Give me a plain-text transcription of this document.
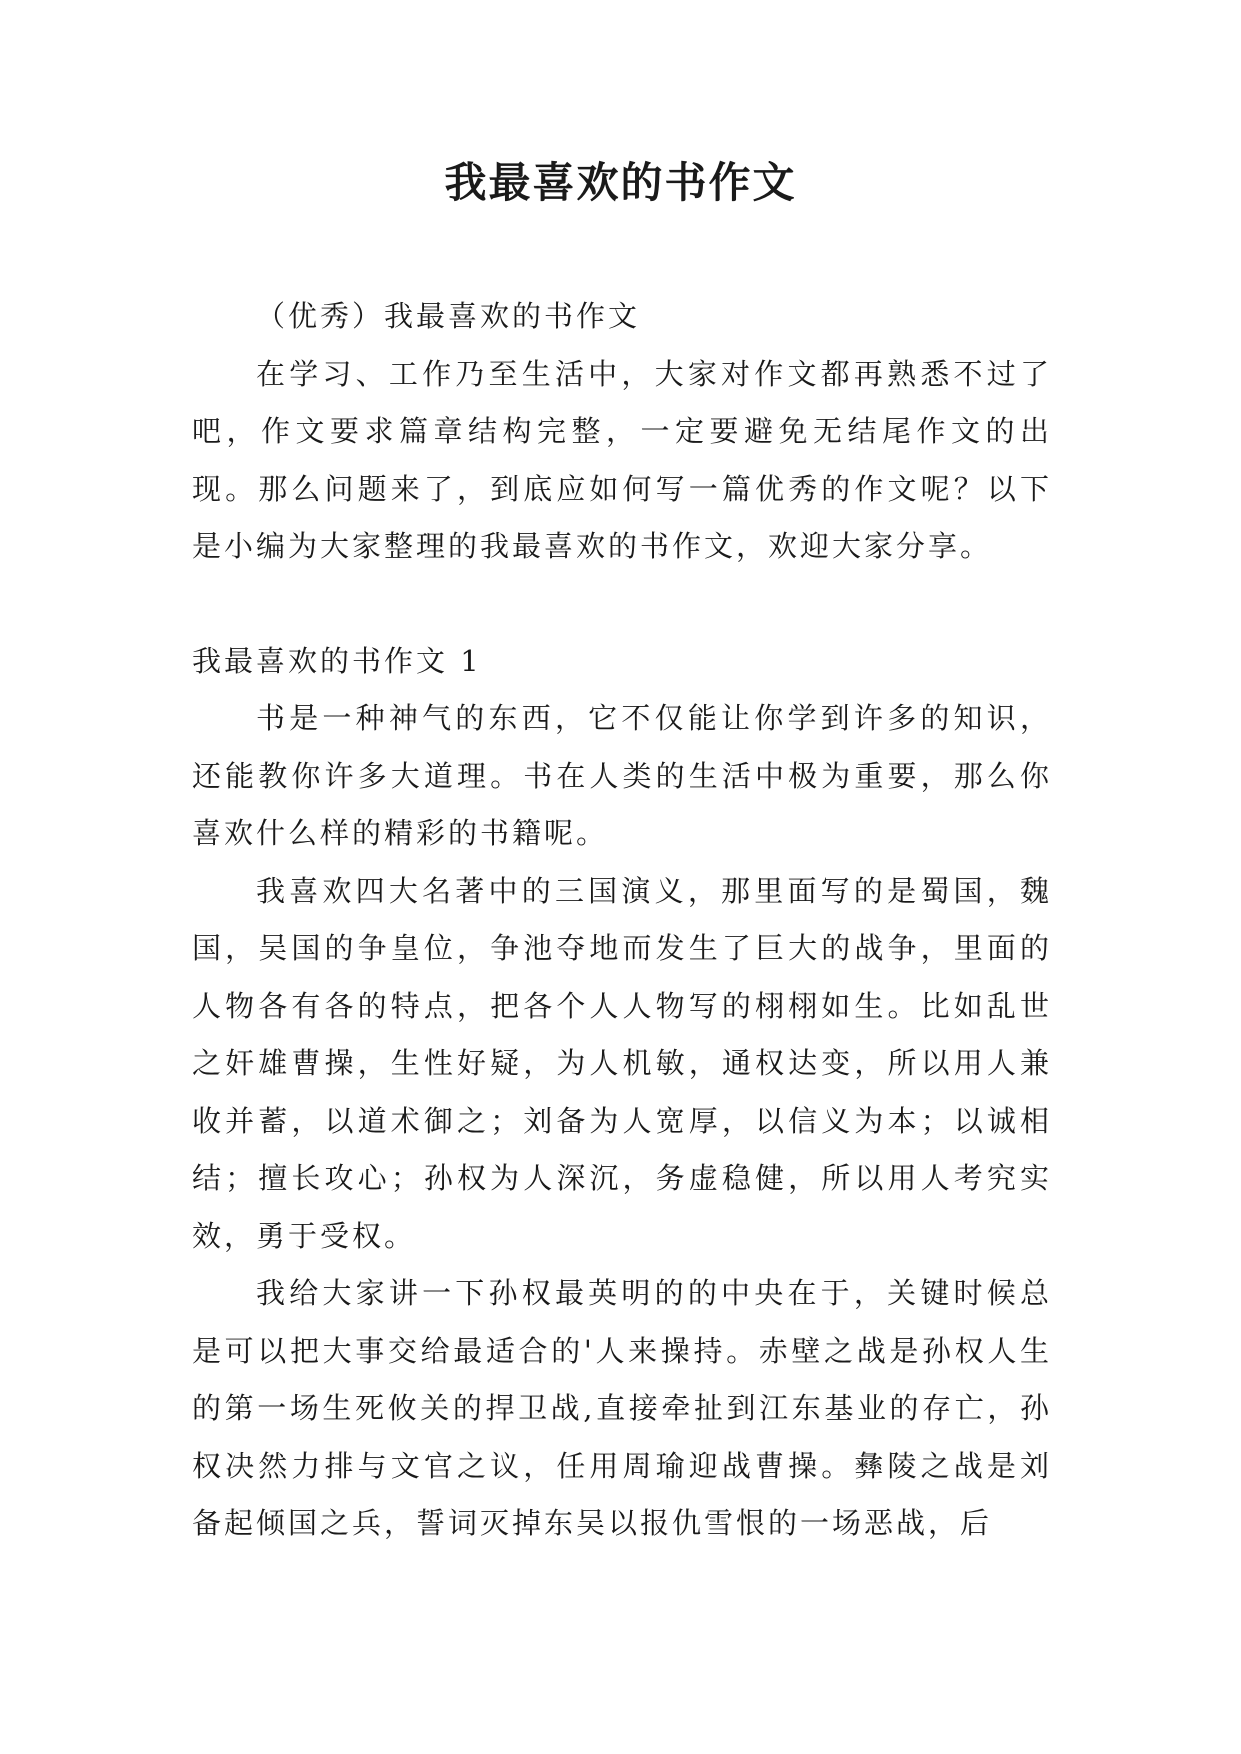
我最喜欢的书作文

（优秀）我最喜欢的书作文

在学习、工作乃至生活中，大家对作文都再熟悉不过了吧，作文要求篇章结构完整，一定要避免无结尾作文的出现。那么问题来了，到底应如何写一篇优秀的作文呢？以下是小编为大家整理的我最喜欢的书作文，欢迎大家分享。

我最喜欢的书作文 1

书是一种神气的东西，它不仅能让你学到许多的知识，还能教你许多大道理。书在人类的生活中极为重要，那么你喜欢什么样的精彩的书籍呢。

我喜欢四大名著中的三国演义，那里面写的是蜀国，魏国，吴国的争皇位，争池夺地而发生了巨大的战争，里面的人物各有各的特点，把各个人人物写的栩栩如生。比如乱世之奸雄曹操，生性好疑，为人机敏，通权达变，所以用人兼收并蓄，以道术御之；刘备为人宽厚，以信义为本；以诚相结；擅长攻心；孙权为人深沉，务虚稳健，所以用人考究实效，勇于受权。

我给大家讲一下孙权最英明的的中央在于，关键时候总是可以把大事交给最适合的'人来操持。赤壁之战是孙权人生的第一场生死攸关的捍卫战,直接牵扯到江东基业的存亡，孙权决然力排与文官之议，任用周瑜迎战曹操。彝陵之战是刘备起倾国之兵，誓词灭掉东吴以报仇雪恨的一场恶战，后
